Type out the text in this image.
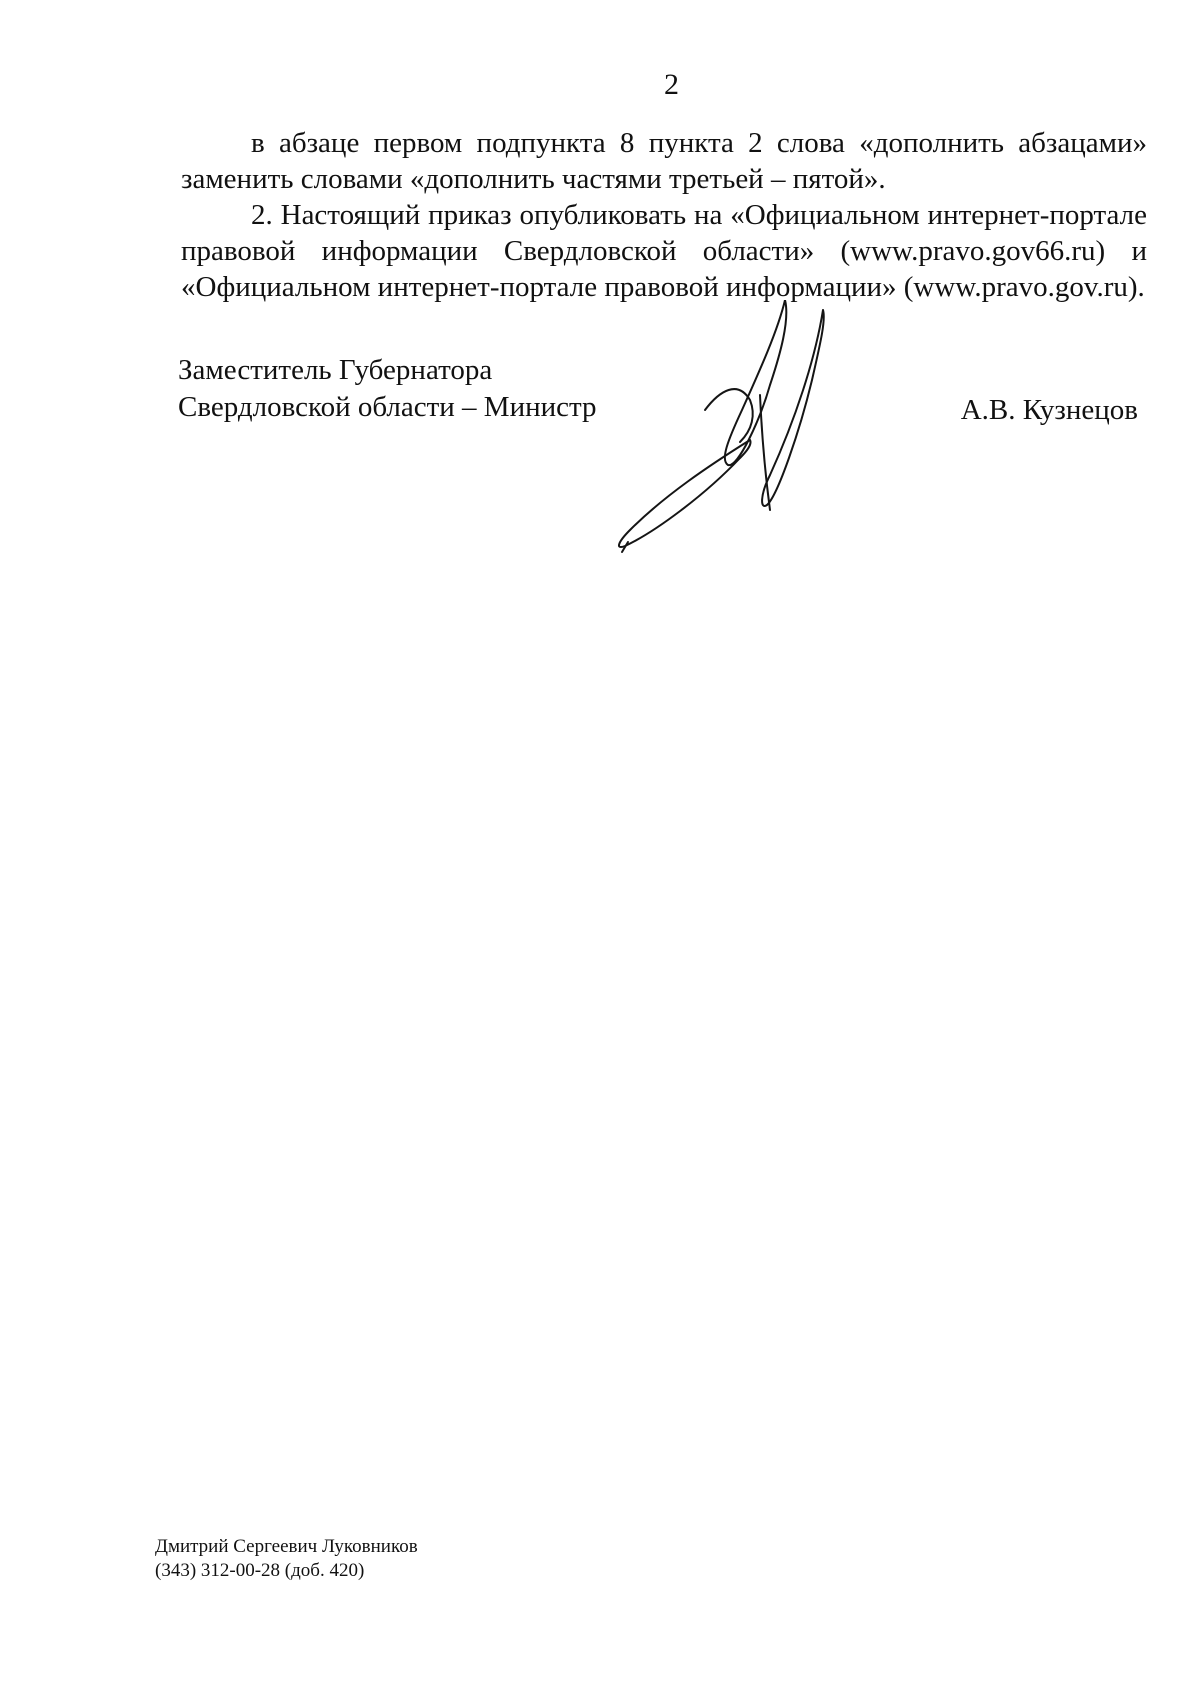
2

в абзаце первом подпункта 8 пункта 2 слова «дополнить абзацами» заменить словами «дополнить частями третьей – пятой».

2. Настоящий приказ опубликовать на «Официальном интернет-портале правовой информации Свердловской области» (www.pravo.gov66.ru) и «Официальном интернет-портале правовой информации» (www.pravo.gov.ru).

Заместитель Губернатора
Свердловской области – Министр	А.В. Кузнецов
Дмитрий Сергеевич Луковников
(343) 312-00-28 (доб. 420)
